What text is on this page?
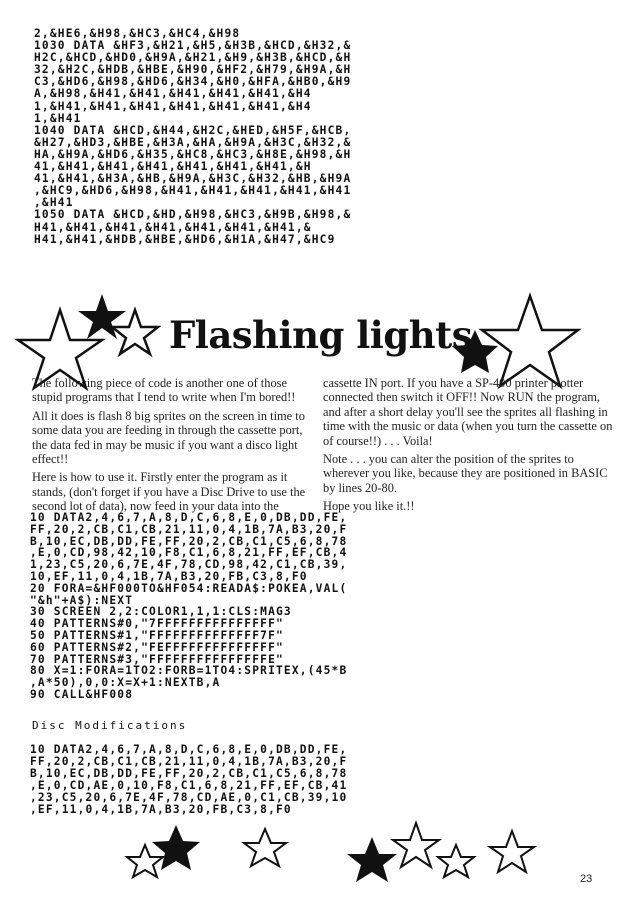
2,&HE6,&H98,&HC3,&HC4,&H98
1030 DATA &HF3,&H21,&H5,&H3B,&HCD,&H32,&
H2C,&HCD,&HD0,&H9A,&H21,&H9,&H3B,&HCD,&H
32,&H2C,&HDB,&HBE,&H90,&HF2,&H79,&H9A,&H
C3,&HD6,&H98,&HD6,&H34,&H0,&HFA,&HB0,&H9
A,&H98,&H41,&H41,&H41,&H41,&H41,&H4
1,&H41,&H41,&H41,&H41,&H41,&H41,&H4
1,&H41
1040 DATA &HCD,&H44,&H2C,&HED,&H5F,&HCB,
&H27,&HD3,&HBE,&H3A,&HA,&H9A,&H3C,&H32,&
HA,&H9A,&HD6,&H35,&HC8,&HC3,&H8E,&H98,&H
41,&H41,&H41,&H41,&H41,&H41,&H41,&H
41,&H41,&H3A,&HB,&H9A,&H3C,&H32,&HB,&H9A
,&HC9,&HD6,&H98,&H41,&H41,&H41,&H41,&H41
,&H41
1050 DATA &HCD,&HD,&H98,&HC3,&H9B,&H98,&
H41,&H41,&H41,&H41,&H41,&H41,&H41,&
H41,&H41,&HDB,&HBE,&HD6,&H1A,&H47,&HC9
Flashing lights

The following piece of code is another one of those stupid programs that I tend to write when I'm bored!!

All it does is flash 8 big sprites on the screen in time to some data you are feeding in through the cassette port, the data fed in may be music if you want a disco light effect!!

Here is how to use it. Firstly enter the program as it stands, (don't forget if you have a Disc Drive to use the second lot of data), now feed in your data into the

cassette IN port. If you have a SP-400 printer plotter connected then switch it OFF!! Now RUN the program, and after a short delay you'll see the sprites all flashing in time with the music or data (when you turn the cassette on of course!!) . . . Voila!

Note . . . you can alter the position of the sprites to wherever you like, because they are positioned in BASIC by lines 20-80.

Hope you like it.!!

10 DATA2,4,6,7,A,8,D,C,6,8,E,0,DB,DD,FE,
FF,20,2,CB,C1,CB,21,11,0,4,1B,7A,B3,20,F
B,10,EC,DB,DD,FE,FF,20,2,CB,C1,C5,6,8,78
,E,0,CD,98,42,10,F8,C1,6,8,21,FF,EF,CB,4
1,23,C5,20,6,7E,4F,78,CD,98,42,C1,CB,39,
10,EF,11,0,4,1B,7A,B3,20,FB,C3,8,F0
20 FORA=&HF000TO&HF054:READA$:POKEA,VAL(
"&h"+A$):NEXT
30 SCREEN 2,2:COLOR1,1,1:CLS:MAG3
40 PATTERNS#0,"7FFFFFFFFFFFFFFF"
50 PATTERNS#1,"FFFFFFFFFFFFFF7F"
60 PATTERNS#2,"FEFFFFFFFFFFFFFF"
70 PATTERNS#3,"FFFFFFFFFFFFFFFE"
80 X=1:FORA=1TO2:FORB=1TO4:SPRITEX,(45*B
,A*50),0,0:X=X+1:NEXTB,A
90 CALL&HF008
Disc Modifications
10 DATA2,4,6,7,A,8,D,C,6,8,E,0,DB,DD,FE,
FF,20,2,CB,C1,CB,21,11,0,4,1B,7A,B3,20,F
B,10,EC,DB,DD,FE,FF,20,2,CB,C1,C5,6,8,78
,E,0,CD,AE,0,10,F8,C1,6,8,21,FF,EF,CB,41
,23,C5,20,6,7E,4F,78,CD,AE,0,C1,CB,39,10
,EF,11,0,4,1B,7A,B3,20,FB,C3,8,F0
23
